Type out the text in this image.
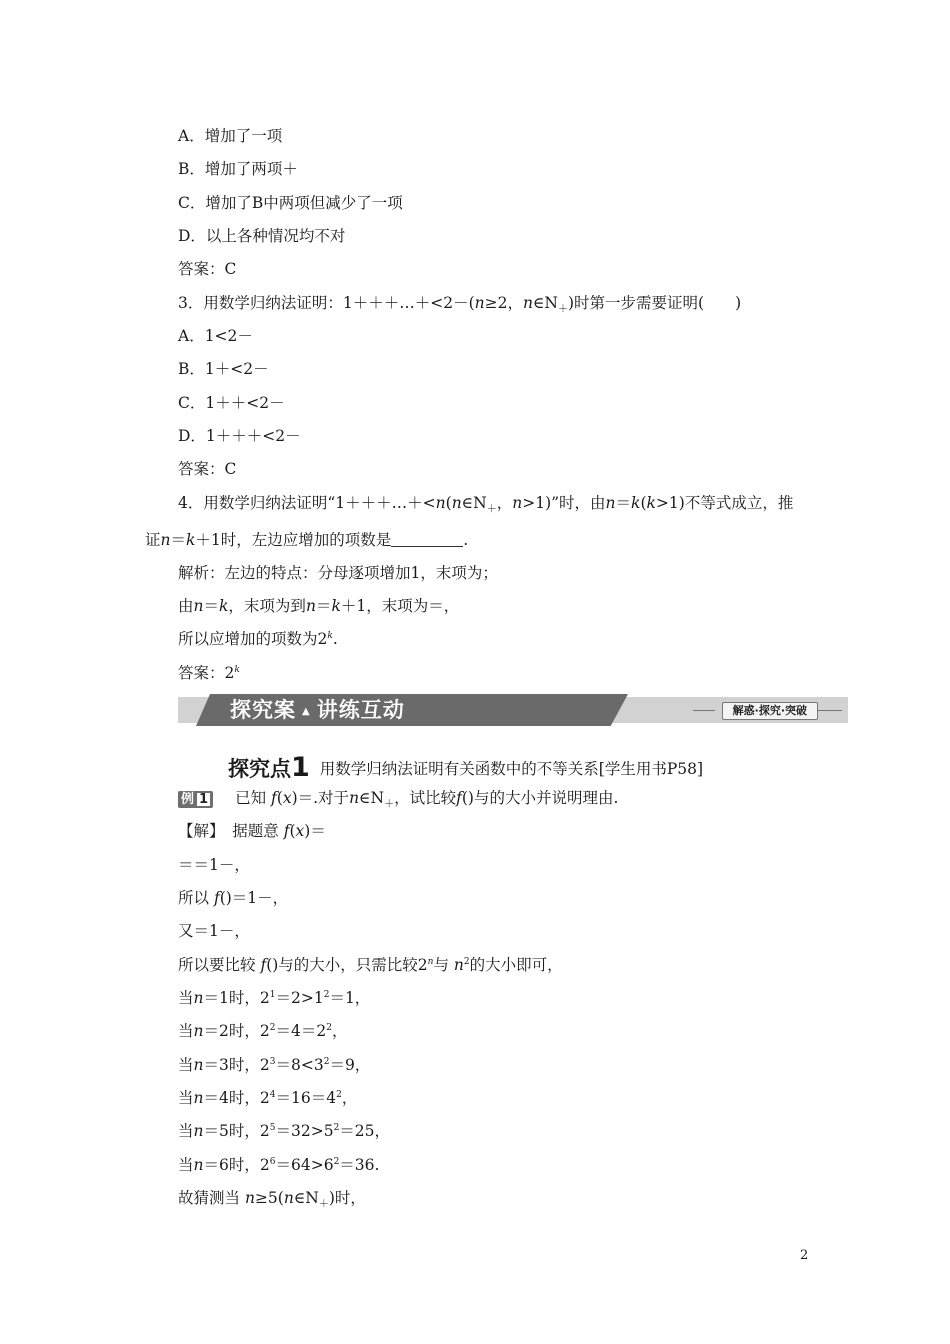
A．增加了一项
B．增加了两项＋
C．增加了B中两项但减少了一项
D．以上各种情况均不对
答案：C
3．用数学归纳法证明：1＋＋＋…＋<2－(n≥2，$n\in N_+$)时第一步需要证明(　　)
A．1<2－
B．1＋<2－
C．1＋＋<2－
D．1＋＋＋<2－
答案：C
4．用数学归纳法证明“$1+++\dots+<n(n\in N_+$，n>1)”时，由n＝k(k>1)不等式成立，推
证n＝k＋1时，左边应增加的项数是	.
解析：左边的特点：分母逐项增加1，末项为；
由n＝k，末项为到n＝k＋1，末项为＝，
所以应增加的项数为2$^k$.
答案：2$^k$
探究案 ▲ 讲练互动	解惑·探究·突破
探究点1 用数学归纳法证明有关函数中的不等关系[学生用书P58]
例 1 已知 f(x)＝.对于$n\in N_+$，试比较f()与的大小并说明理由.
【解】　 据题意 f(x)＝
＝＝1－，
所以 f()＝1－，
又＝1－，
所以要比较 f()与的大小，只需比较2$^n$与 $n^2$的大小即可，
当n＝1时，$2^1=2>1^2=1$，
当n＝2时，$2^2=4=2^2$，
当n＝3时，$2^3=8<3^2=9$，
当n＝4时，$2^4=16=4^2$，
当n＝5时，$2^5=32>5^2=25$，
当n＝6时，$2^6=64>6^2=36$.
故猜测当 $n\ge 5(n\in N_+)$时，
2
